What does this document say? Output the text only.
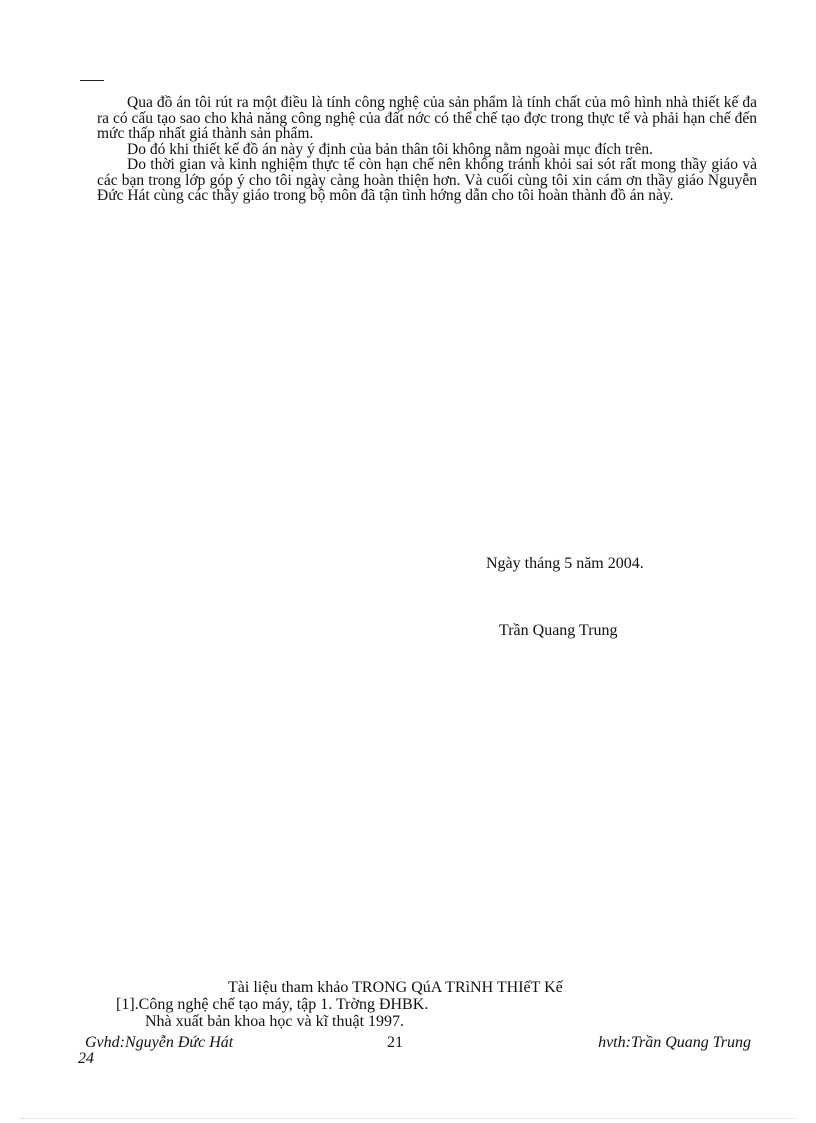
Qua đồ án tôi rút ra một điều là tính công nghệ của sản phẩm là tính chất của mô hình nhà thiết kế đa ra có cấu tạo sao cho khả năng công nghệ của đất nớc có thể chế tạo đợc trong thực tế và phải hạn chế đến mức thấp nhất giá thành sản phẩm.

Do đó khi thiết kế đồ án này ý định của bản thân tôi không nằm ngoài mục đích trên.

Do thời gian và kinh nghiệm thực tế còn hạn chế nên không tránh khỏi sai sót rất mong thầy giáo và các bạn trong lớp góp ý cho tôi ngày càng hoàn thiện hơn. Và cuối cùng tôi xin cám ơn thầy giáo Nguyễn Đức Hát cùng các thầy giáo trong bộ môn đã tận tình hớng dẫn cho tôi hoàn thành đồ án này.

Ngày tháng 5 năm 2004.
Trần Quang Trung
Tài liệu tham khảo TRONG QúA TRìNH THIếT Kế
[1].Công nghệ chế tạo máy, tập 1. Trờng ĐHBK.
Nhà xuất bản khoa học và kĩ thuật 1997.
Gvhd:Nguyễn Đức Hát	21	hvth:Trần Quang Trung
24
